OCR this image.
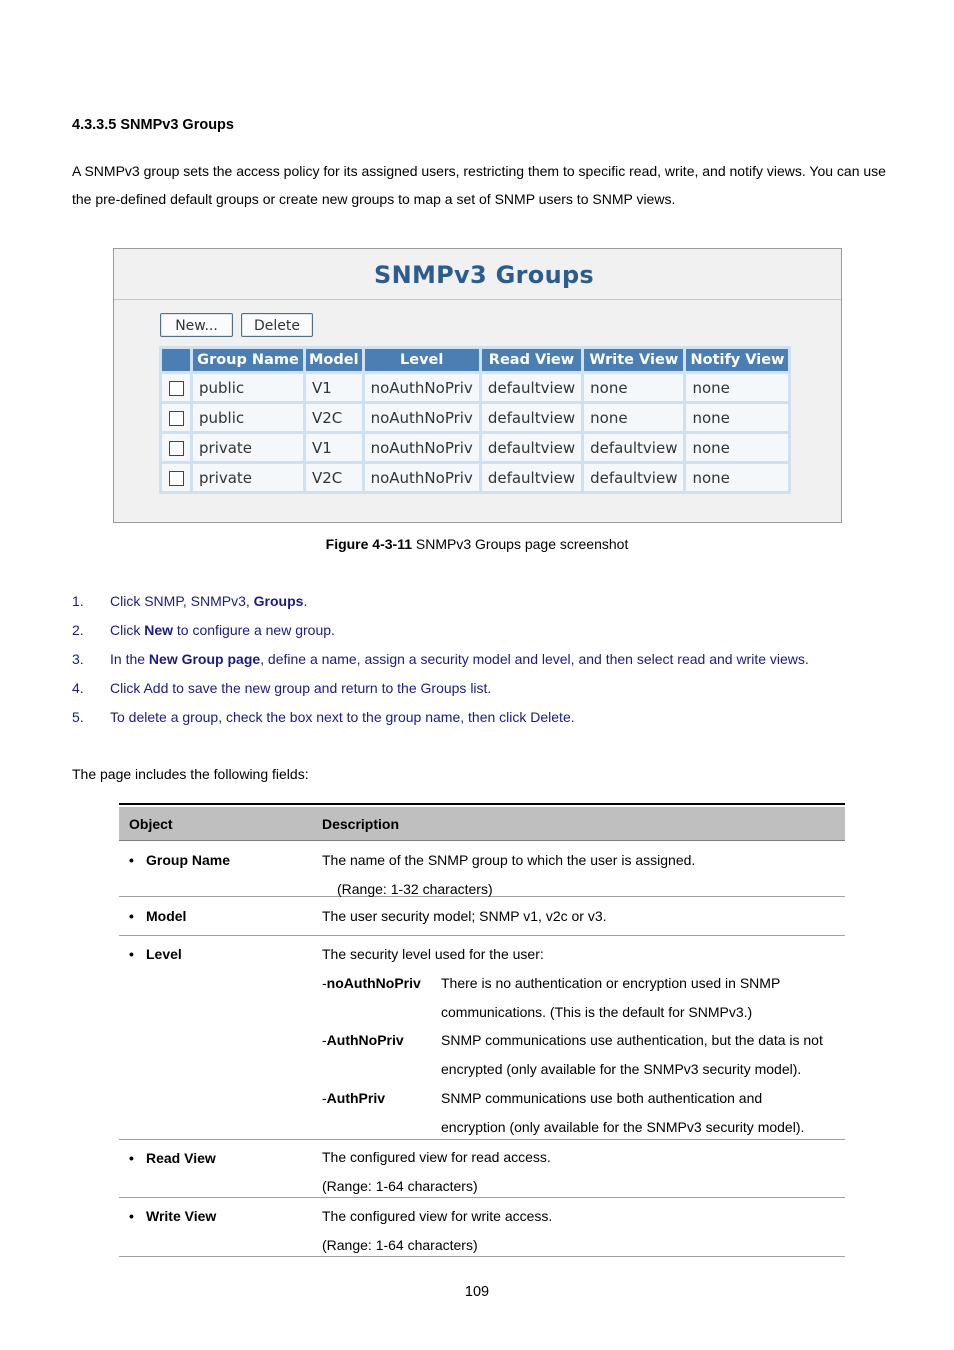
4.3.3.5 SNMPv3 Groups
A SNMPv3 group sets the access policy for its assigned users, restricting them to specific read, write, and notify views. You can use the pre-defined default groups or create new groups to map a set of SNMP users to SNMP views.
SNMPv3 Groups
New...	Delete
	Group Name	Model	Level	Read View	Write View	Notify View
	public	V1	noAuthNoPriv	defaultview	none	none
	public	V2C	noAuthNoPriv	defaultview	none	none
	private	V1	noAuthNoPriv	defaultview	defaultview	none
	private	V2C	noAuthNoPriv	defaultview	defaultview	none
Figure 4-3-11 SNMPv3 Groups page screenshot
1. Click SNMP, SNMPv3, Groups.
2. Click New to configure a new group.
3. In the New Group page, define a name, assign a security model and level, and then select read and write views.
4. Click Add to save the new group and return to the Groups list.
5. To delete a group, check the box next to the group name, then click Delete.
The page includes the following fields:
Object	Description
• Group Name	The name of the SNMP group to which the user is assigned.
(Range: 1-32 characters)
• Model	The user security model; SNMP v1, v2c or v3.
• Level	The security level used for the user:
-noAuthNoPriv There is no authentication or encryption used in SNMP
communications. (This is the default for SNMPv3.)
-AuthNoPriv	SNMP communications use authentication, but the data is not
encrypted (only available for the SNMPv3 security model).
-AuthPriv	SNMP communications use both authentication and
encryption (only available for the SNMPv3 security model).
• Read View	The configured view for read access.
(Range: 1-64 characters)
• Write View	The configured view for write access.
(Range: 1-64 characters)
109
